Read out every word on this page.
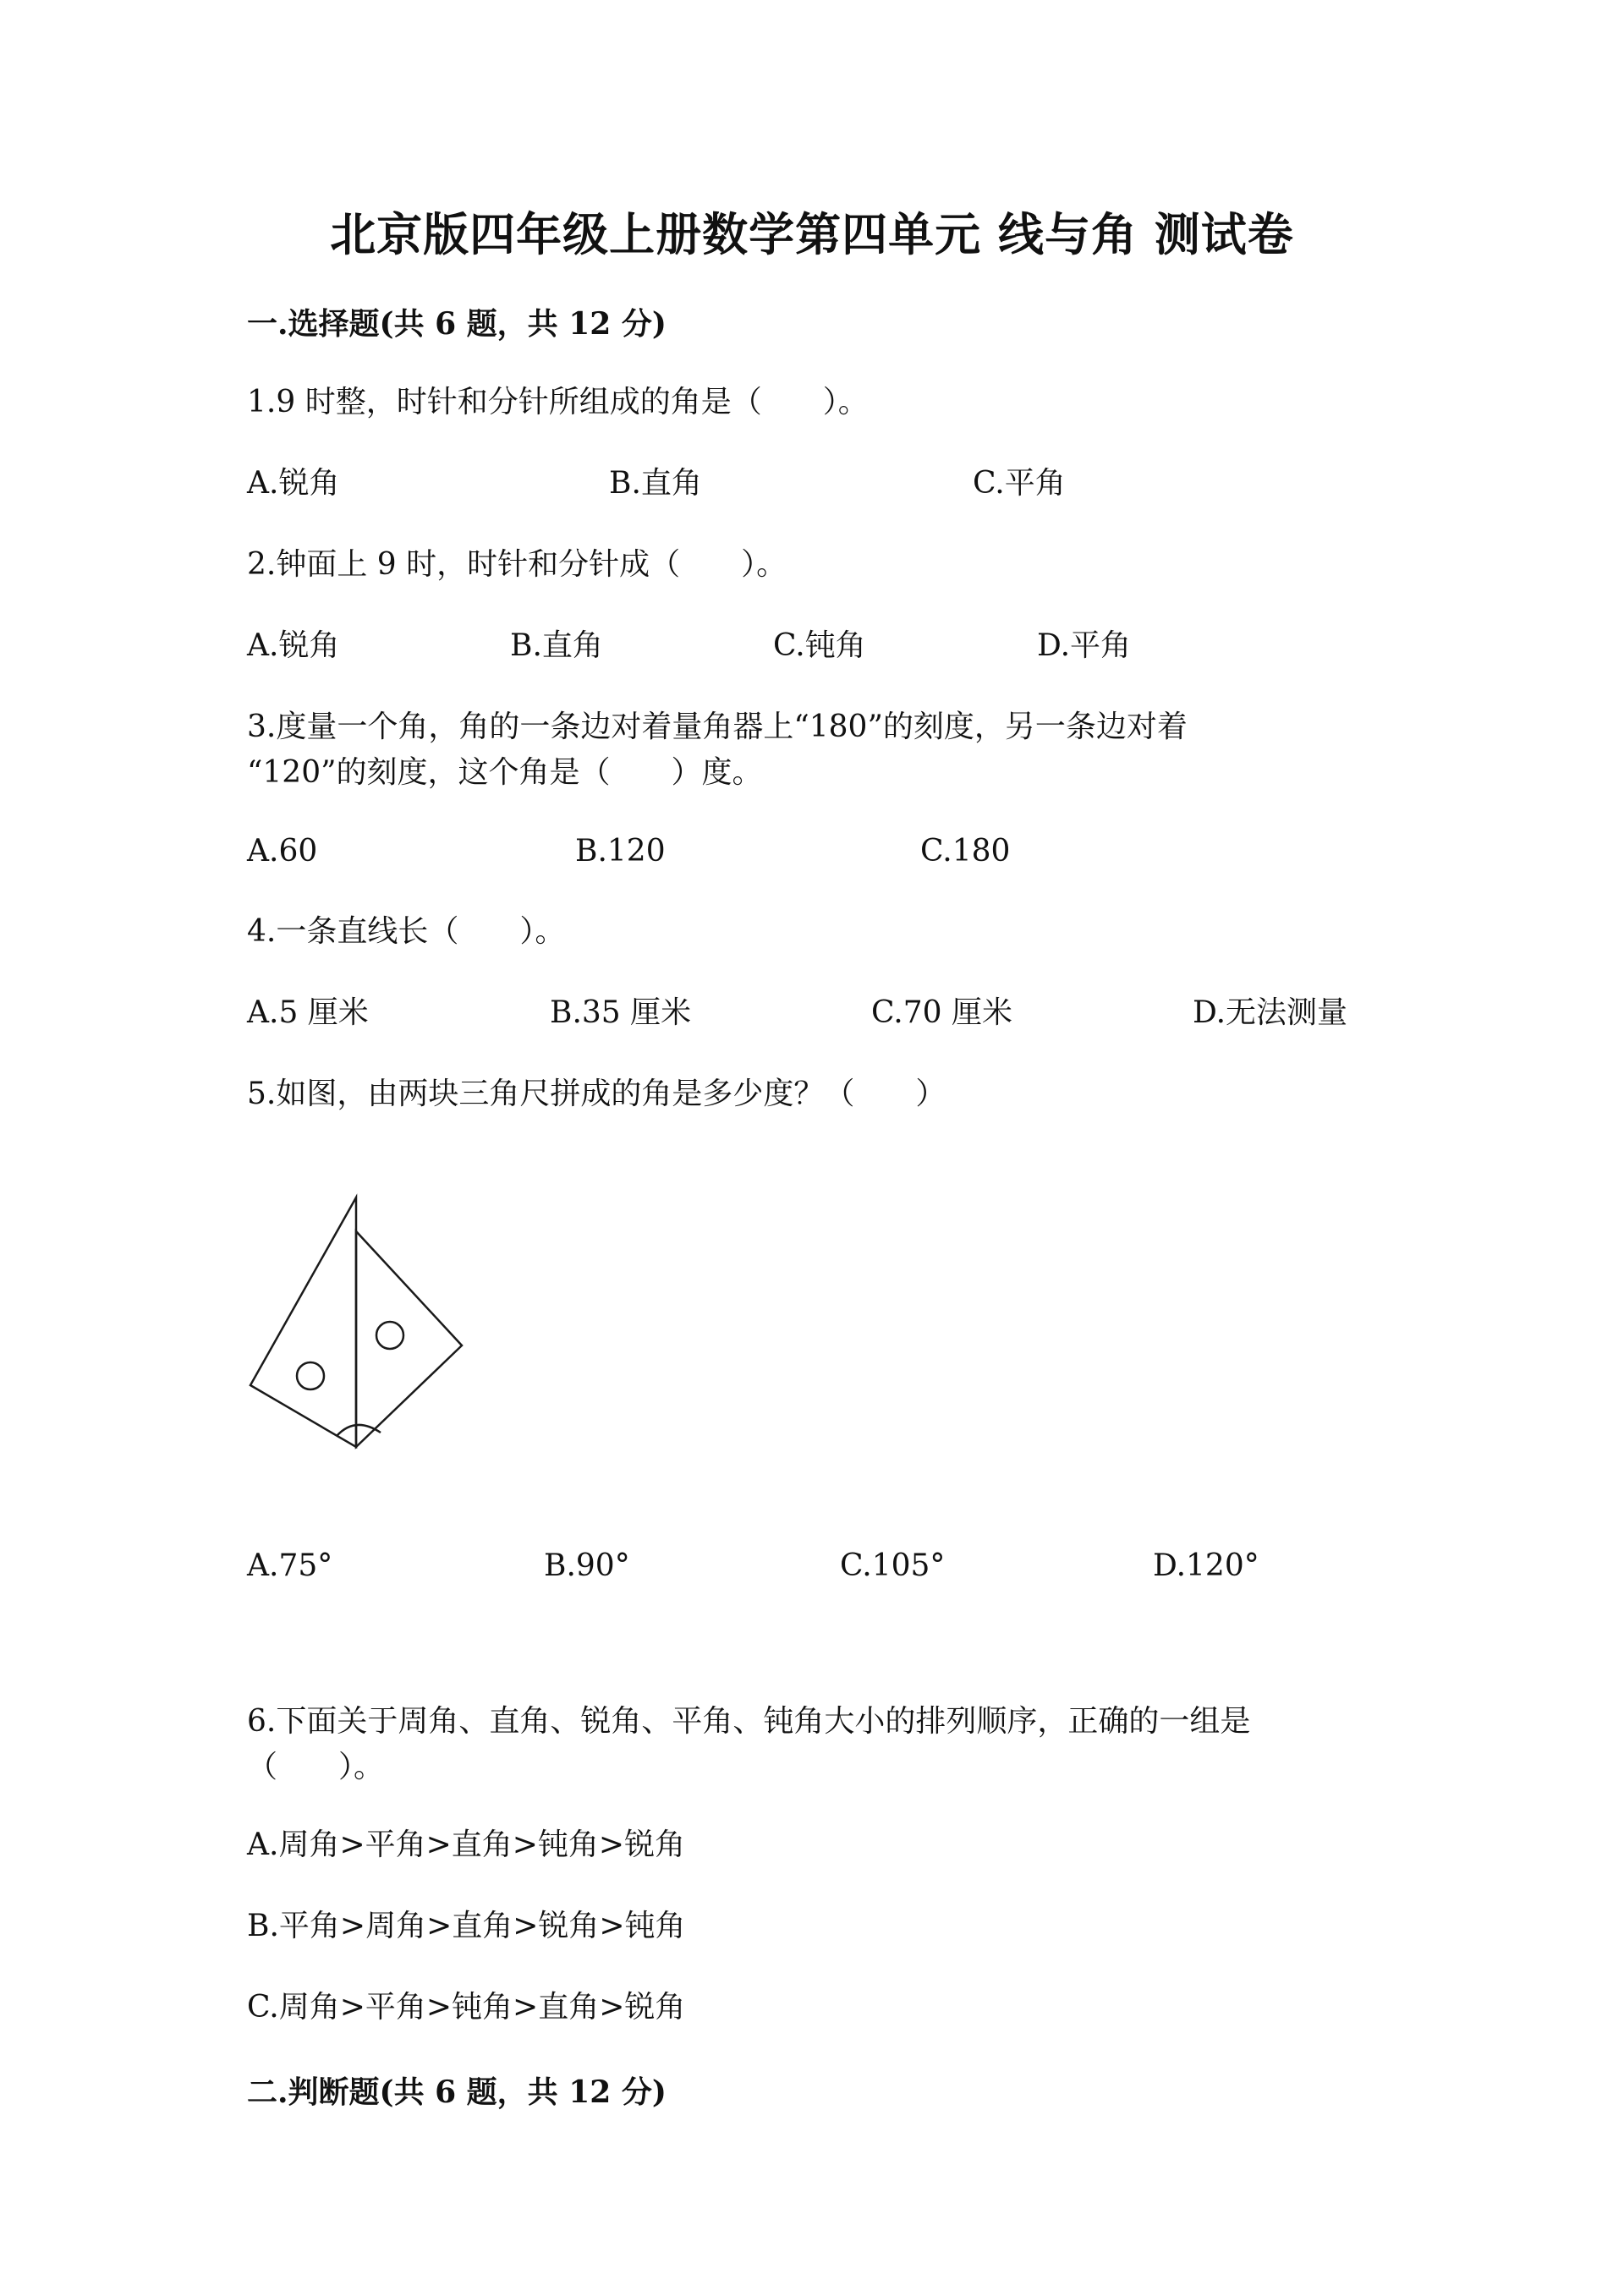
北京版四年级上册数学第四单元 线与角 测试卷
一.选择题(共 6 题，共 12 分)
1.9 时整，时针和分针所组成的角是（　　）。
A.锐角	B.直角	C.平角
2.钟面上 9 时，时针和分针成（　　）。
A.锐角	B.直角	C.钝角	D.平角
3.度量一个角，角的一条边对着量角器上“180”的刻度，另一条边对着
“120”的刻度，这个角是（　　）度。
A.60	B.120	C.180
4.一条直线长（　　）。
A.5 厘米	B.35 厘米	C.70 厘米	D.无法测量
5.如图，由两块三角尺拼成的角是多少度？（　　）
A.75°	B.90°	C.105°	D.120°
6.下面关于周角、直角、锐角、平角、钝角大小的排列顺序，正确的一组是
（　　）。
A.周角>平角>直角>钝角>锐角
B.平角>周角>直角>锐角>钝角
C.周角>平角>钝角>直角>锐角
二.判断题(共 6 题，共 12 分)
